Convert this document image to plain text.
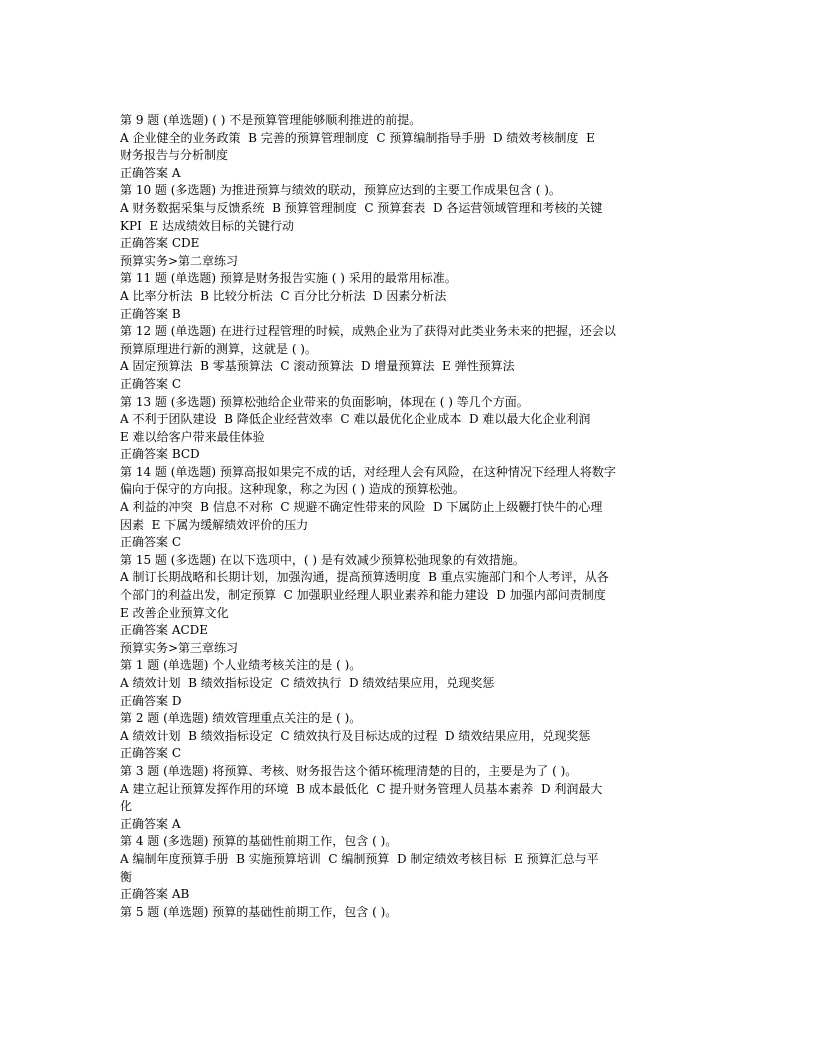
第 9 题 (单选题) ( ) 不是预算管理能够顺利推进的前提。

A 企业健全的业务政策  B 完善的预算管理制度  C 预算编制指导手册  D 绩效考核制度  E

财务报告与分析制度

正确答案 A

第 10 题 (多选题) 为推进预算与绩效的联动，预算应达到的主要工作成果包含 ( )。

A 财务数据采集与反馈系统  B 预算管理制度  C 预算套表  D 各运营领域管理和考核的关键

KPI  E 达成绩效目标的关键行动

正确答案 CDE

预算实务>第二章练习

第 11 题 (单选题) 预算是财务报告实施 ( ) 采用的最常用标准。

A 比率分析法  B 比较分析法  C 百分比分析法  D 因素分析法

正确答案 B

第 12 题 (单选题) 在进行过程管理的时候，成熟企业为了获得对此类业务未来的把握，还会以

预算原理进行新的测算，这就是 ( )。

A 固定预算法  B 零基预算法  C 滚动预算法  D 增量预算法  E 弹性预算法

正确答案 C

第 13 题 (多选题) 预算松弛给企业带来的负面影响，体现在 ( ) 等几个方面。

A 不利于团队建设  B 降低企业经营效率  C 难以最优化企业成本  D 难以最大化企业利润

E 难以给客户带来最佳体验

正确答案 BCD

第 14 题 (单选题) 预算高报如果完不成的话，对经理人会有风险，在这种情况下经理人将数字

偏向于保守的方向报。这种现象，称之为因 ( ) 造成的预算松弛。

A 利益的冲突  B 信息不对称  C 规避不确定性带来的风险  D 下属防止上级鞭打快牛的心理

因素  E 下属为缓解绩效评价的压力

正确答案 C

第 15 题 (多选题) 在以下选项中，( ) 是有效减少预算松弛现象的有效措施。

A 制订长期战略和长期计划，加强沟通，提高预算透明度  B 重点实施部门和个人考评，从各

个部门的利益出发，制定预算  C 加强职业经理人职业素养和能力建设  D 加强内部问责制度

E 改善企业预算文化

正确答案 ACDE

预算实务>第三章练习

第 1 题 (单选题) 个人业绩考核关注的是 ( )。

A 绩效计划  B 绩效指标设定  C 绩效执行  D 绩效结果应用，兑现奖惩

正确答案 D

第 2 题 (单选题) 绩效管理重点关注的是 ( )。

A 绩效计划  B 绩效指标设定  C 绩效执行及目标达成的过程  D 绩效结果应用，兑现奖惩

正确答案 C

第 3 题 (单选题) 将预算、考核、财务报告这个循环梳理清楚的目的，主要是为了 ( )。

A 建立起让预算发挥作用的环境  B 成本最低化  C 提升财务管理人员基本素养  D 利润最大

化

正确答案 A

第 4 题 (多选题) 预算的基础性前期工作，包含 ( )。

A 编制年度预算手册  B 实施预算培训  C 编制预算  D 制定绩效考核目标  E 预算汇总与平

衡

正确答案 AB

第 5 题 (单选题) 预算的基础性前期工作，包含 ( )。
